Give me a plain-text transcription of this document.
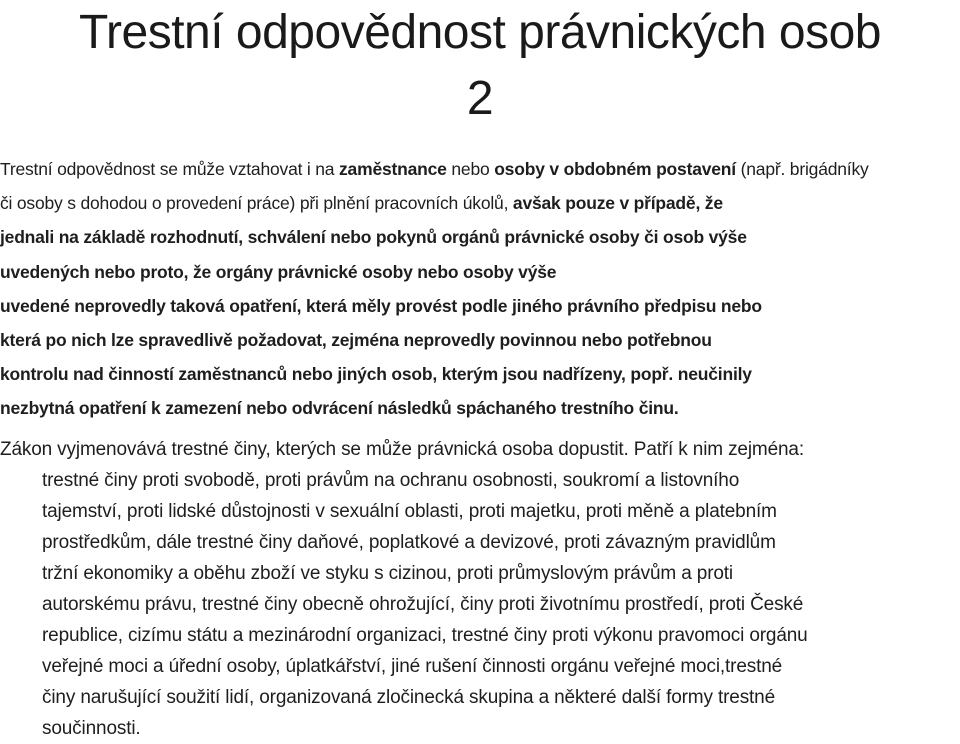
Trestní odpovědnost právnických osob
2
Trestní odpovědnost se může vztahovat i na zaměstnance nebo osoby v obdobném postavení (např. brigádníky
či osoby s dohodou o provedení práce) při plnění pracovních úkolů, avšak pouze v případě, že
jednali na základě rozhodnutí, schválení nebo pokynů orgánů právnické osoby či osob výše
uvedených nebo proto, že orgány právnické osoby nebo osoby výše
uvedené neprovedly taková opatření, která měly provést podle jiného právního předpisu nebo
která po nich lze spravedlivě požadovat, zejména neprovedly povinnou nebo potřebnou
kontrolu nad činností zaměstnanců nebo jiných osob, kterým jsou nadřízeny, popř. neučinily
nezbytná opatření k zamezení nebo odvrácení následků spáchaného trestního činu.
Zákon vyjmenovává trestné činy, kterých se může právnická osoba dopustit. Patří k nim zejména:
trestné činy proti svobodě, proti právům na ochranu osobnosti, soukromí a listovního
tajemství, proti lidské důstojnosti v sexuální oblasti, proti majetku, proti měně a platebním
prostředkům, dále trestné činy daňové, poplatkové a devizové, proti závazným pravidlům
tržní ekonomiky a oběhu zboží ve styku s cizinou, proti průmyslovým právům a proti
autorskému právu, trestné činy obecně ohrožující, činy proti životnímu prostředí, proti České
republice, cizímu státu a mezinárodní organizaci, trestné činy proti výkonu pravomoci orgánu
veřejné moci a úřední osoby, úplatkářství, jiné rušení činnosti orgánu veřejné moci,trestné
činy narušující soužití lidí, organizovaná zločinecká skupina a některé další formy trestné
součinnosti.
